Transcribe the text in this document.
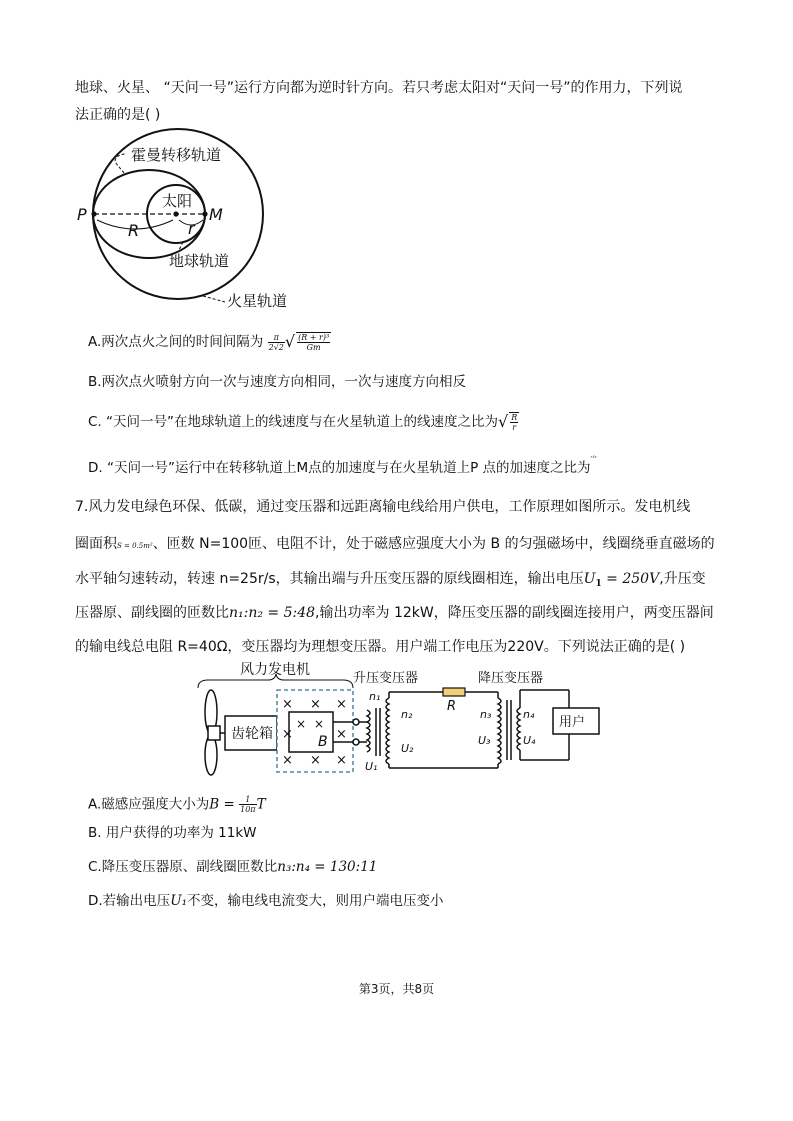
地球、火星、 “天问一号”运行方向都为逆时针方向。若只考虑太阳对“天问一号”的作用力，下列说
法正确的是( )
霍曼转移轨道
太阳
P	M
R	r
地球轨道
火星轨道
A.两次点火之间的时间间隔为 $\frac{\pi}{2√2}$ √ $\frac{\text{(R + r)³}}{Gm}$
B.两次点火喷射方向一次与速度方向相同，一次与速度方向相反
C. “天问一号”在地球轨道上的线速度与在火星轨道上的线速度之比为√ $\frac{R}{r}$
D. “天问一号”运行中在转移轨道上M点的加速度与在火星轨道上P 点的加速度之比为$^{ʳ^1ʳ}$
7.风力发电绿色环保、低碳，通过变压器和远距离输电线给用户供电，工作原理如图所示。发电机线
圈面积S = 0.5m²、匝数 N=100匝、电阻不计，处于磁感应强度大小为 B 的匀强磁场中，线圈绕垂直磁场的
水平轴匀速转动，转速 n=25r/s，其输出端与升压变压器的原线圈相连，输出电压$U_1 = 250V$,升压变
压器原、副线圈的匝数比n₁:n₂ = 5:48,输出功率为 12kW，降压变压器的副线圈连接用户，两变压器间
的输电线总电阻 R=40Ω，变压器均为理想变压器。用户端工作电压为220V。下列说法正确的是( )
风力发电机
升压变压器	降压变压器
齿轮箱
× × ×
×	×
× × ×
× ×
B
n₁
n₂
U₂
U₁
R
n₃
U₃
n₄
U₄
用户
A.磁感应强度大小为$B = \frac{1}{10\pi}$ T
B. 用户获得的功率为 11kW
C.降压变压器原、副线圈匝数比n₃:n₄ = 130:11
D.若输出电压U₁不变，输电线电流变大，则用户端电压变小
第3页，共8页
